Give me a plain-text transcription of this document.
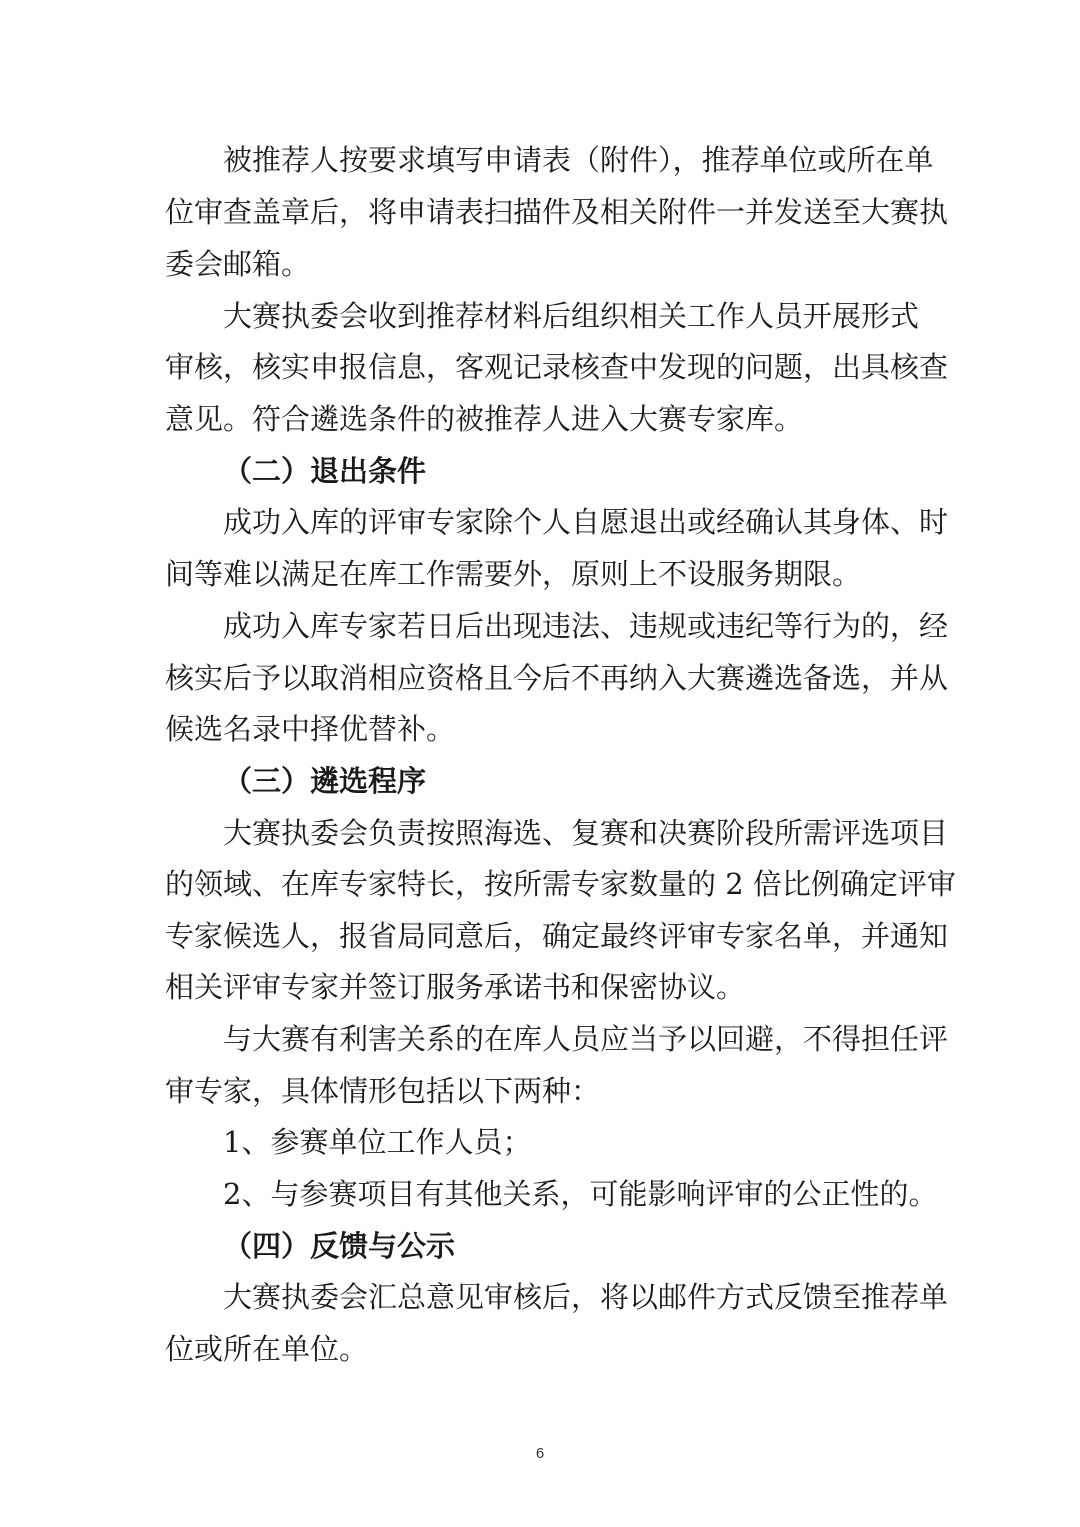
被推荐人按要求填写申请表（附件），推荐单位或所在单
位审查盖章后，将申请表扫描件及相关附件一并发送至大赛执
委会邮箱。
大赛执委会收到推荐材料后组织相关工作人员开展形式
审核，核实申报信息，客观记录核查中发现的问题，出具核查
意见。符合遴选条件的被推荐人进入大赛专家库。
（二）退出条件
成功入库的评审专家除个人自愿退出或经确认其身体、时
间等难以满足在库工作需要外，原则上不设服务期限。
成功入库专家若日后出现违法、违规或违纪等行为的，经
核实后予以取消相应资格且今后不再纳入大赛遴选备选，并从
候选名录中择优替补。
（三）遴选程序
大赛执委会负责按照海选、复赛和决赛阶段所需评选项目
的领域、在库专家特长，按所需专家数量的 2 倍比例确定评审
专家候选人，报省局同意后，确定最终评审专家名单，并通知
相关评审专家并签订服务承诺书和保密协议。
与大赛有利害关系的在库人员应当予以回避，不得担任评
审专家，具体情形包括以下两种：
1、参赛单位工作人员；
2、与参赛项目有其他关系，可能影响评审的公正性的。
（四）反馈与公示
大赛执委会汇总意见审核后，将以邮件方式反馈至推荐单
位或所在单位。
6
